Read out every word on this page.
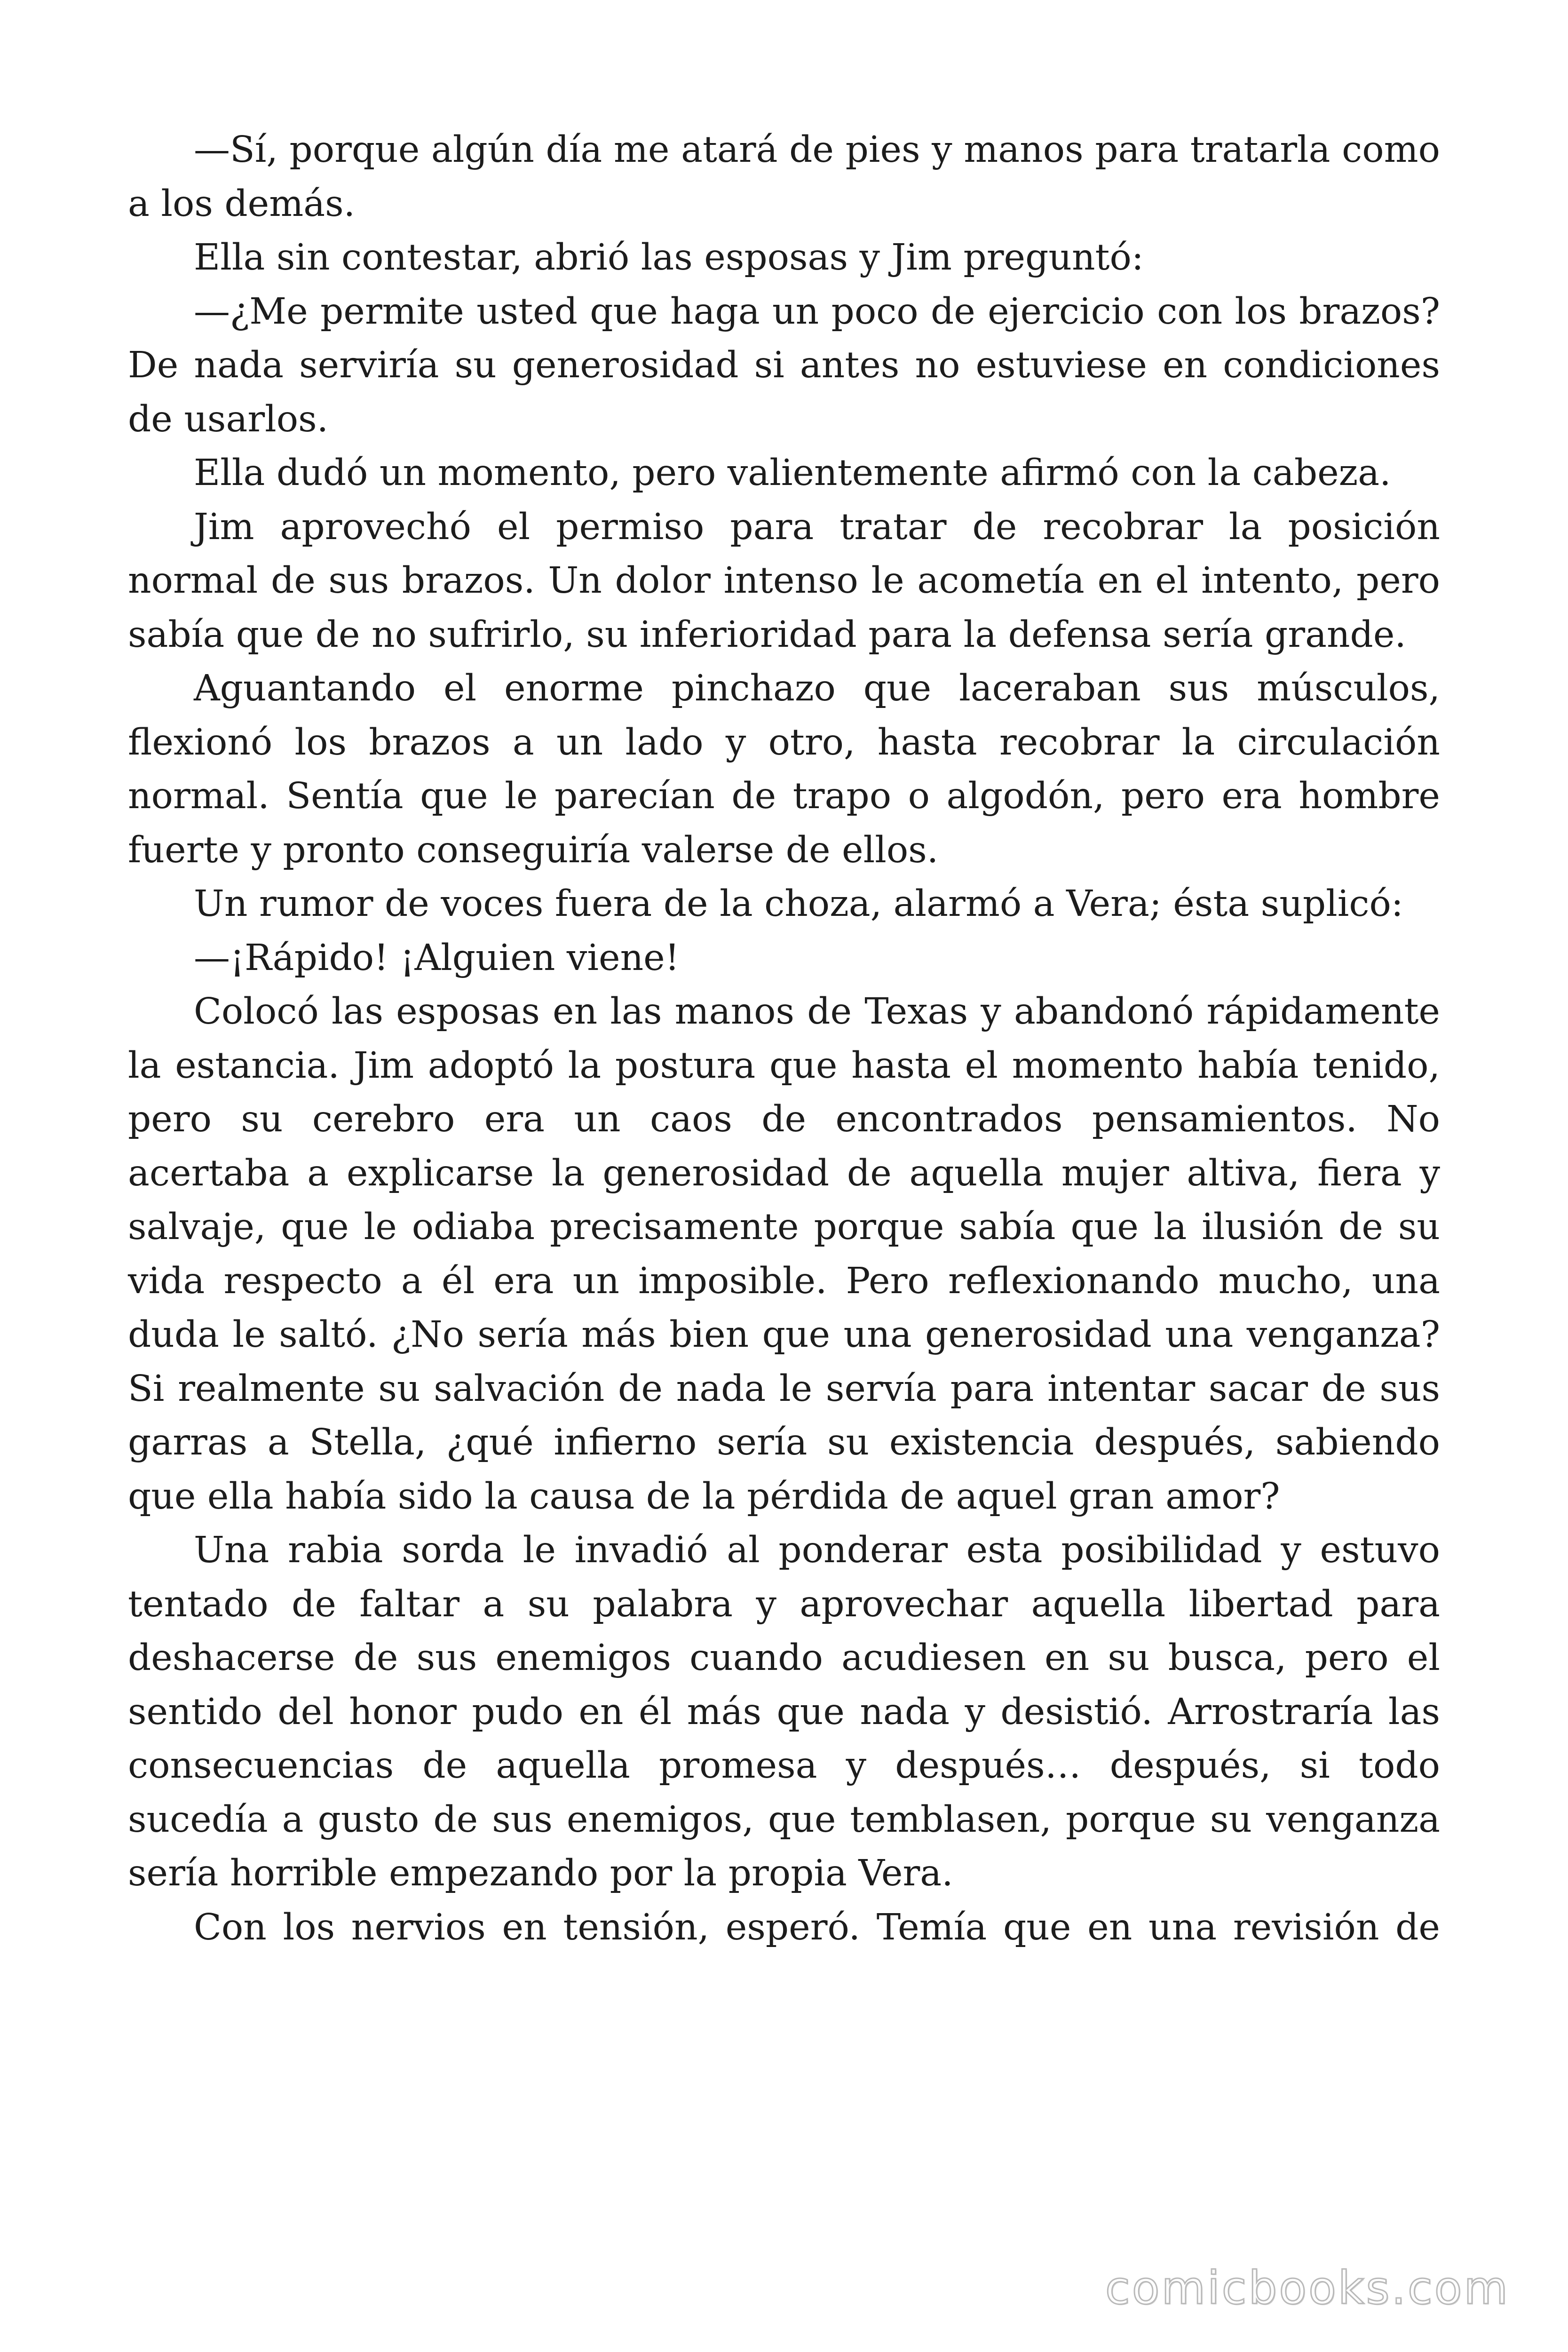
—Sí, porque algún día me atará de pies y manos para tratarla como a los demás.

Ella sin contestar, abrió las esposas y Jim preguntó:

—¿Me permite usted que haga un poco de ejercicio con los brazos? De nada serviría su generosidad si antes no estuviese en condiciones de usarlos.

Ella dudó un momento, pero valientemente afirmó con la cabeza.

Jim aprovechó el permiso para tratar de recobrar la posición normal de sus brazos. Un dolor intenso le acometía en el intento, pero sabía que de no sufrirlo, su inferioridad para la defensa sería grande.

Aguantando el enorme pinchazo que laceraban sus músculos, flexionó los brazos a un lado y otro, hasta recobrar la circulación normal. Sentía que le parecían de trapo o algodón, pero era hombre fuerte y pronto conseguiría valerse de ellos.

Un rumor de voces fuera de la choza, alarmó a Vera; ésta suplicó:

—¡Rápido! ¡Alguien viene!

Colocó las esposas en las manos de Texas y abandonó rápidamente la estancia. Jim adoptó la postura que hasta el momento había tenido, pero su cerebro era un caos de encontrados pensamientos. No acertaba a explicarse la generosidad de aquella mujer altiva, fiera y salvaje, que le odiaba precisamente porque sabía que la ilusión de su vida respecto a él era un imposible. Pero reflexionando mucho, una duda le saltó. ¿No sería más bien que una generosidad una venganza? Si realmente su salvación de nada le servía para intentar sacar de sus garras a Stella, ¿qué infierno sería su existencia después, sabiendo que ella había sido la causa de la pérdida de aquel gran amor?

Una rabia sorda le invadió al ponderar esta posibilidad y estuvo tentado de faltar a su palabra y aprovechar aquella libertad para deshacerse de sus enemigos cuando acudiesen en su busca, pero el sentido del honor pudo en él más que nada y desistió. Arrostraría las consecuencias de aquella promesa y después… después, si todo sucedía a gusto de sus enemigos, que temblasen, porque su venganza sería horrible empezando por la propia Vera.

Con los nervios en tensión, esperó. Temía que en una revisión de

comicbooks.com
